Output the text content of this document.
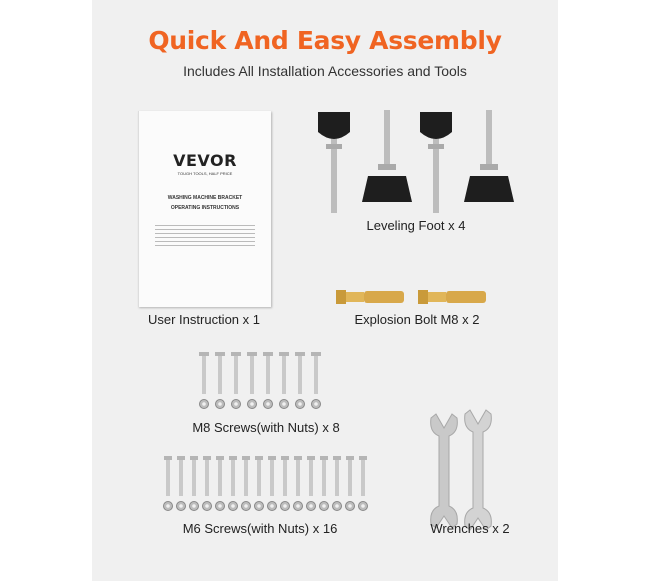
Quick And Easy Assembly
Includes All Installation Accessories and Tools
VEVOR
TOUGH TOOLS, HALF PRICE

WASHING MACHINE BRACKET
OPERATING INSTRUCTIONS
User Instruction x 1
Leveling Foot x 4
Explosion Bolt M8 x 2
M8 Screws(with Nuts) x 8
M6 Screws(with Nuts) x 16	Wrenches x 2
